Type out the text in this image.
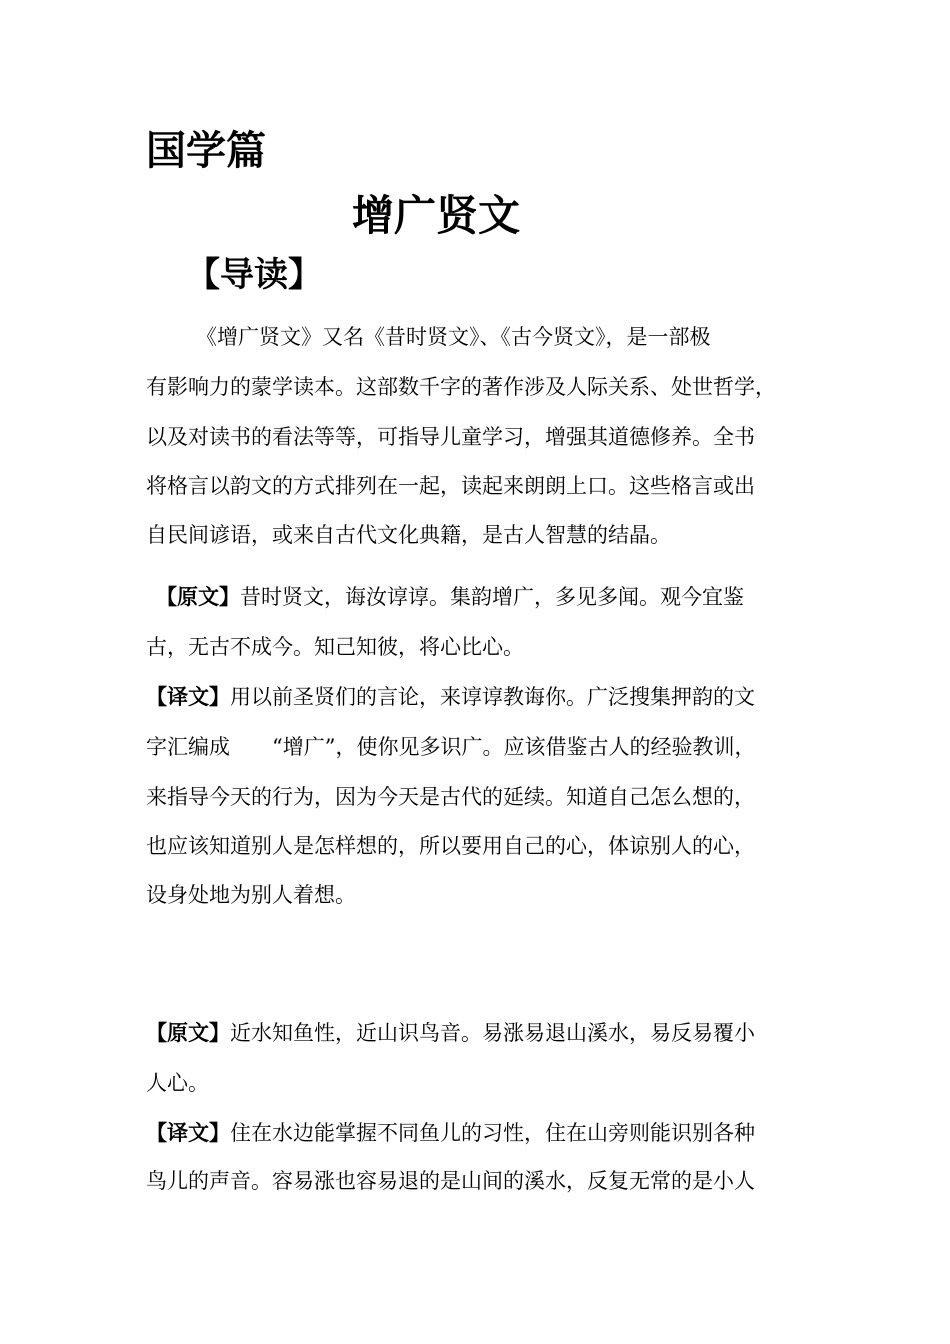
国学篇
增广贤文
【导读】

《增广贤文》又名《昔时贤文》、《古今贤文》，是一部极

有影响力的蒙学读本。这部数千字的著作涉及人际关系、处世哲学，

以及对读书的看法等等，可指导儿童学习，增强其道德修养。全书

将格言以韵文的方式排列在一起，读起来朗朗上口。这些格言或出

自民间谚语，或来自古代文化典籍，是古人智慧的结晶。

【原文】昔时贤文，诲汝谆谆。集韵增广，多见多闻。观今宜鉴

古，无古不成今。知己知彼，将心比心。

【译文】用以前圣贤们的言论，来谆谆教诲你。广泛搜集押韵的文

字汇编成　　“增广”，使你见多识广。应该借鉴古人的经验教训，

来指导今天的行为，因为今天是古代的延续。知道自己怎么想的，

也应该知道别人是怎样想的，所以要用自己的心，体谅别人的心，

设身处地为别人着想。

【原文】近水知鱼性，近山识鸟音。易涨易退山溪水，易反易覆小

人心。

【译文】住在水边能掌握不同鱼儿的习性，住在山旁则能识别各种

鸟儿的声音。容易涨也容易退的是山间的溪水，反复无常的是小人
